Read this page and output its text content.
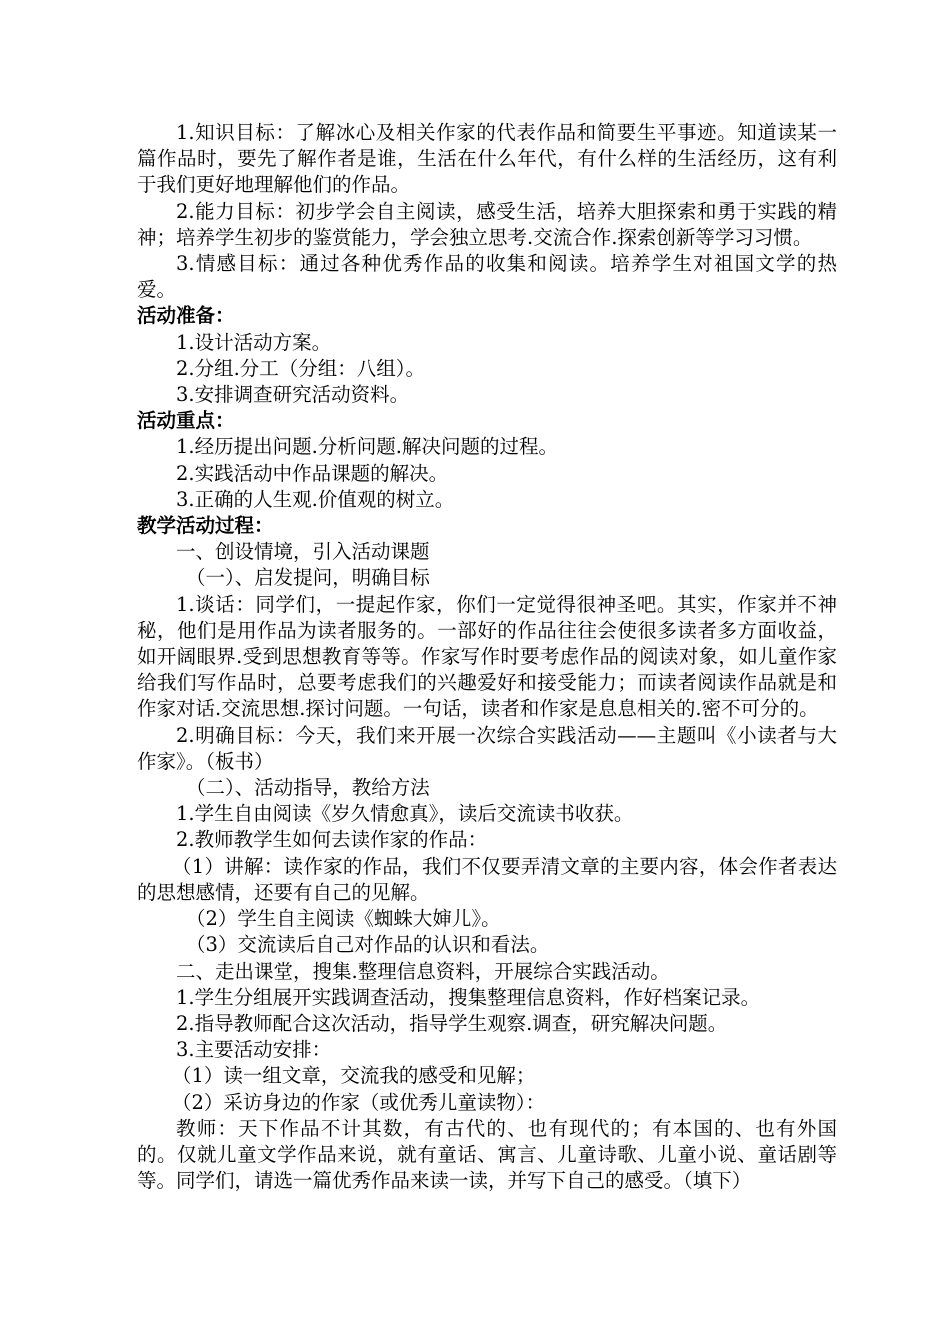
1.知识目标：了解冰心及相关作家的代表作品和简要生平事迹。知道读某一篇作品时，要先了解作者是谁，生活在什么年代，有什么样的生活经历，这有利于我们更好地理解他们的作品。

2.能力目标：初步学会自主阅读，感受生活，培养大胆探索和勇于实践的精神；培养学生初步的鉴赏能力，学会独立思考.交流合作.探索创新等学习习惯。

3.情感目标：通过各种优秀作品的收集和阅读。培养学生对祖国文学的热爱。

活动准备：

1.设计活动方案。

2.分组.分工（分组：八组）。

3.安排调查研究活动资料。

活动重点：

1.经历提出问题.分析问题.解决问题的过程。

2.实践活动中作品课题的解决。

3.正确的人生观.价值观的树立。

教学活动过程：

一、创设情境，引入活动课题

（一）、启发提问，明确目标

1.谈话：同学们，一提起作家，你们一定觉得很神圣吧。其实，作家并不神秘，他们是用作品为读者服务的。一部好的作品往往会使很多读者多方面收益，如开阔眼界.受到思想教育等等。作家写作时要考虑作品的阅读对象，如儿童作家给我们写作品时，总要考虑我们的兴趣爱好和接受能力；而读者阅读作品就是和作家对话.交流思想.探讨问题。一句话，读者和作家是息息相关的.密不可分的。

2.明确目标：今天，我们来开展一次综合实践活动——主题叫《小读者与大作家》。（板书）

（二）、活动指导，教给方法

1.学生自由阅读《岁久情愈真》，读后交流读书收获。

2.教师教学生如何去读作家的作品：

（1）讲解：读作家的作品，我们不仅要弄清文章的主要内容，体会作者表达的思想感情，还要有自己的见解。

（2）学生自主阅读《蜘蛛大婶儿》。

（3）交流读后自己对作品的认识和看法。

二、走出课堂，搜集.整理信息资料，开展综合实践活动。

1.学生分组展开实践调查活动，搜集整理信息资料，作好档案记录。

2.指导教师配合这次活动，指导学生观察.调查，研究解决问题。

3.主要活动安排：

（1）读一组文章，交流我的感受和见解；

（2）采访身边的作家（或优秀儿童读物）：

教师：天下作品不计其数，有古代的、也有现代的；有本国的、也有外国的。仅就儿童文学作品来说，就有童话、寓言、儿童诗歌、儿童小说、童话剧等等。同学们，请选一篇优秀作品来读一读，并写下自己的感受。（填下）
